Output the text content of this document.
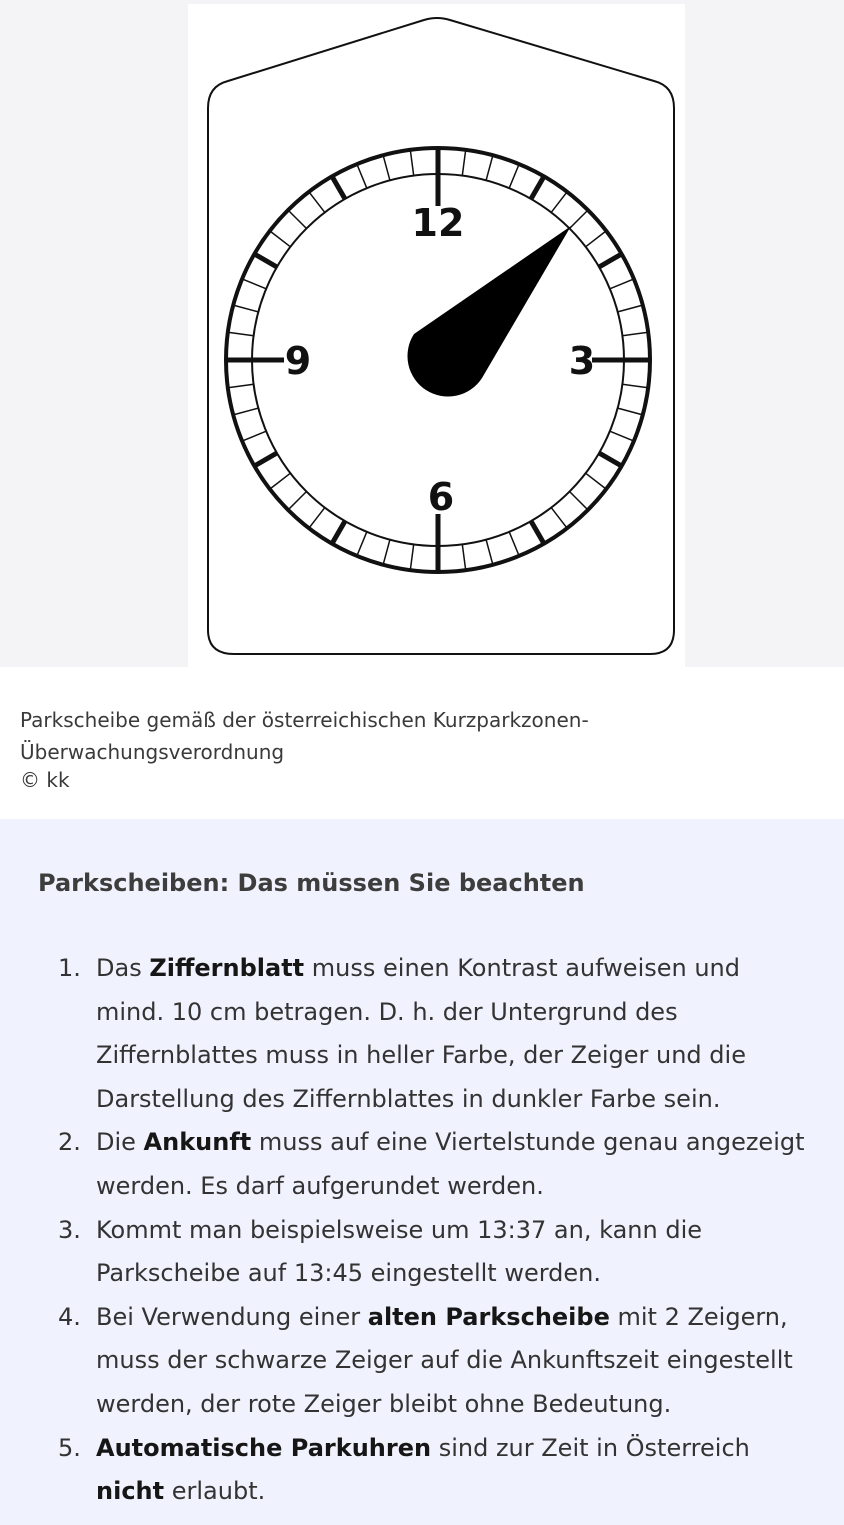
12
3
6
9

Parkscheibe gemäß der österreichischen Kurzparkzonen-Überwachungsverordnung

© kk

Parkscheiben: Das müssen Sie beachten
1. Das Ziffernblatt muss einen Kontrast aufweisen und mind. 10 cm betragen. D. h. der Untergrund des Ziffernblattes muss in heller Farbe, der Zeiger und die Darstellung des Ziffernblattes in dunkler Farbe sein.
2. Die Ankunft muss auf eine Viertelstunde genau angezeigt werden. Es darf aufgerundet werden.
3. Kommt man beispielsweise um 13:37 an, kann die Parkscheibe auf 13:45 eingestellt werden.
4. Bei Verwendung einer alten Parkscheibe mit 2 Zeigern, muss der schwarze Zeiger auf die Ankunftszeit eingestellt werden, der rote Zeiger bleibt ohne Bedeutung.
5. Automatische Parkuhren sind zur Zeit in Österreich nicht erlaubt.
